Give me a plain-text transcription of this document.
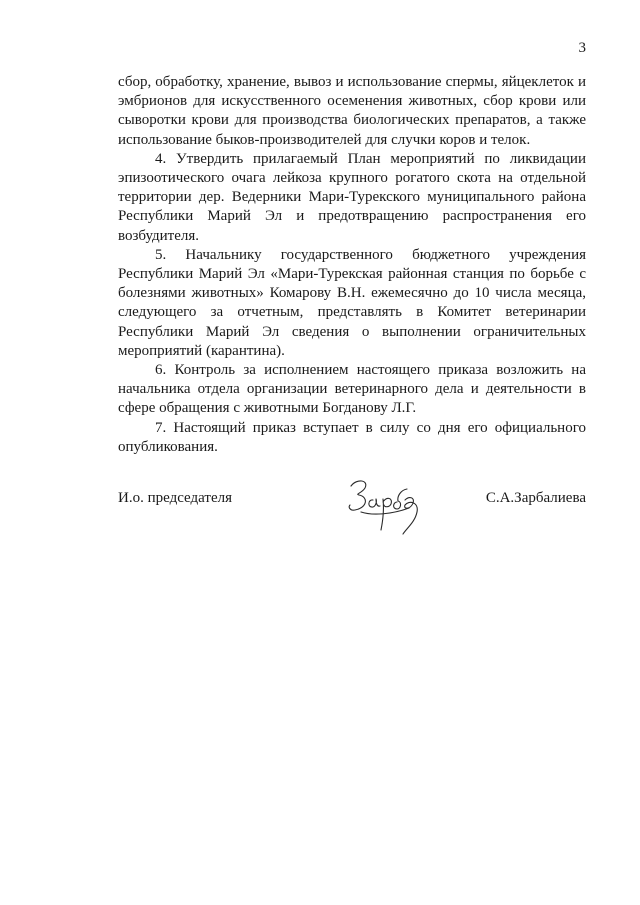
3

сбор, обработку, хранение, вывоз и использование спермы, яйцеклеток и эмбрионов для искусственного осеменения животных, сбор крови или сыворотки крови для производства биологических препаратов, а также использование быков-производителей для случки коров и телок.

4. Утвердить прилагаемый План мероприятий по ликвидации эпизоотического очага лейкоза крупного рогатого скота на отдельной территории дер. Ведерники Мари-Турекского муниципального района Республики Марий Эл и предотвращению распространения его возбудителя.

5. Начальнику государственного бюджетного учреждения Республики Марий Эл «Мари-Турекская районная станция по борьбе с болезнями животных» Комарову В.Н. ежемесячно до 10 числа месяца, следующего за отчетным, представлять в Комитет ветеринарии Республики Марий Эл сведения о выполнении ограничительных мероприятий (карантина).

6. Контроль за исполнением настоящего приказа возложить на начальника отдела организации ветеринарного дела и деятельности в сфере обращения с животными Богданову Л.Г.

7. Настоящий приказ вступает в силу со дня его официального опубликования.

И.о. председателя	С.А.Зарбалиева
